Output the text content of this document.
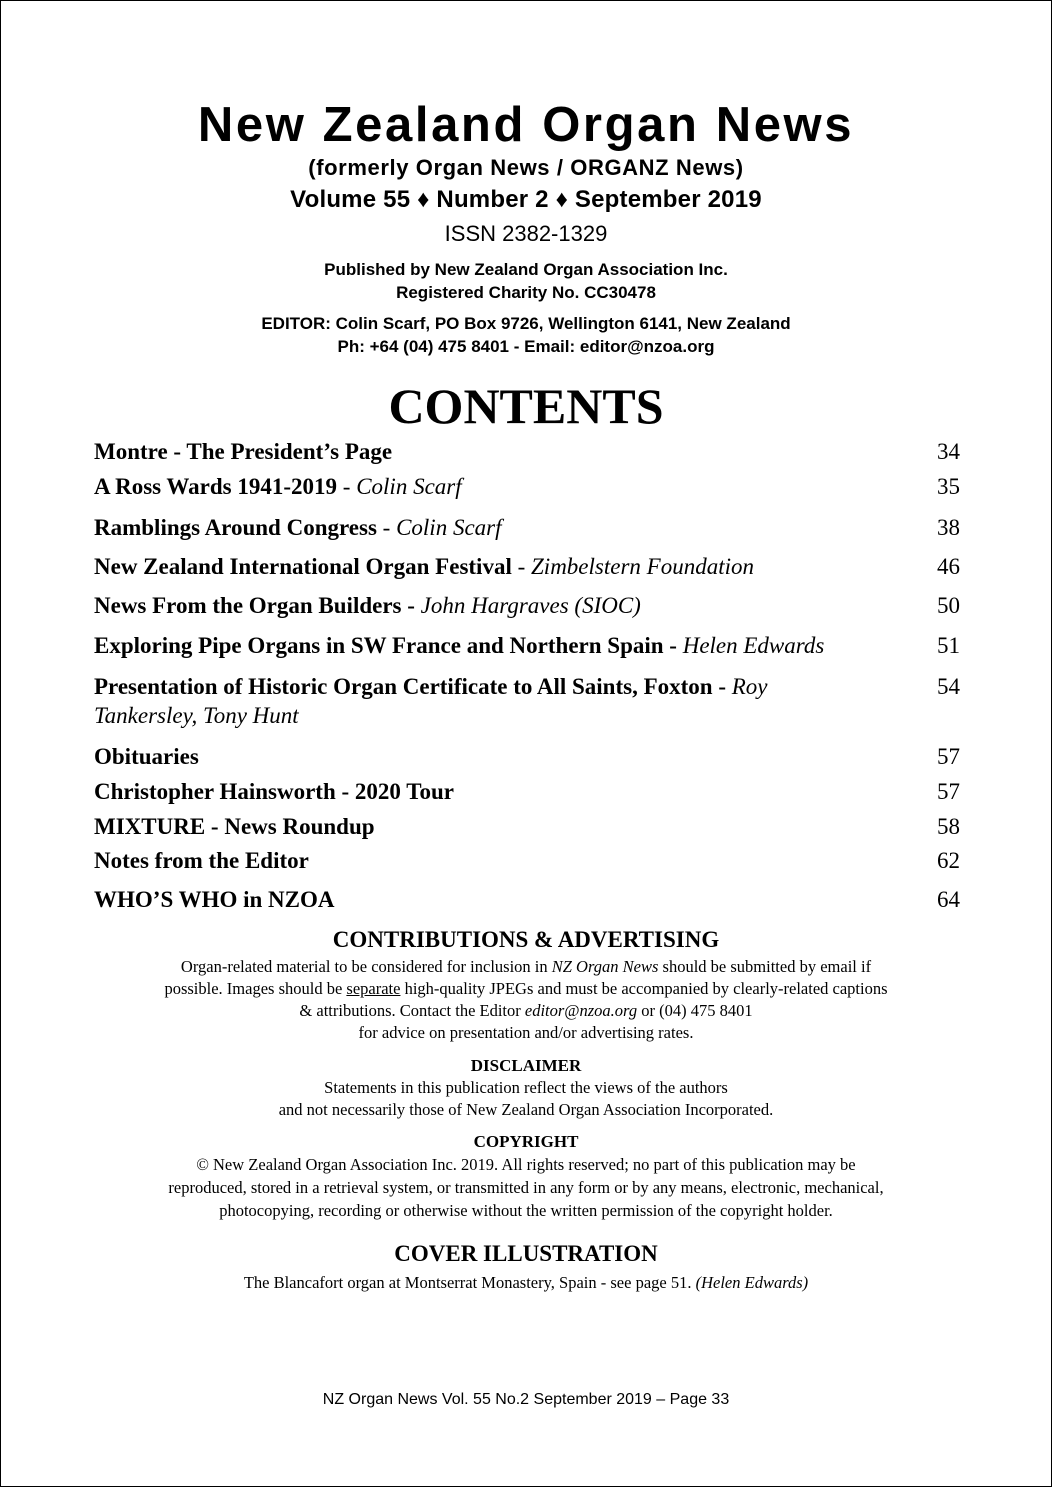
New Zealand Organ News
(formerly Organ News / ORGANZ News)
Volume 55 ♦ Number 2 ♦ September 2019
ISSN 2382-1329
Published by New Zealand Organ Association Inc.
Registered Charity No. CC30478
EDITOR: Colin Scarf, PO Box 9726, Wellington 6141, New Zealand
Ph: +64 (04) 475 8401 - Email: editor@nzoa.org
CONTENTS
Montre - The President’s Page	34
A Ross Wards 1941-2019 - Colin Scarf	35
Ramblings Around Congress - Colin Scarf	38
New Zealand International Organ Festival - Zimbelstern Foundation	46
News From the Organ Builders - John Hargraves (SIOC)	50
Exploring Pipe Organs in SW France and Northern Spain - Helen Edwards	51
Presentation of Historic Organ Certificate to All Saints, Foxton - Roy	54
Tankersley, Tony Hunt
Obituaries	57
Christopher Hainsworth - 2020 Tour	57
MIXTURE - News Roundup	58
Notes from the Editor	62
WHO’S WHO in NZOA	64
CONTRIBUTIONS & ADVERTISING
Organ-related material to be considered for inclusion in NZ Organ News should be submitted by email if
possible. Images should be separate high-quality JPEGs and must be accompanied by clearly-related captions
& attributions. Contact the Editor editor@nzoa.org or (04) 475 8401
for advice on presentation and/or advertising rates.
DISCLAIMER
Statements in this publication reflect the views of the authors
and not necessarily those of New Zealand Organ Association Incorporated.
COPYRIGHT
© New Zealand Organ Association Inc. 2019. All rights reserved; no part of this publication may be
reproduced, stored in a retrieval system, or transmitted in any form or by any means, electronic, mechanical,
photocopying, recording or otherwise without the written permission of the copyright holder.
COVER ILLUSTRATION
The Blancafort organ at Montserrat Monastery, Spain - see page 51. (Helen Edwards)
NZ Organ News Vol. 55 No.2 September 2019 – Page 33
